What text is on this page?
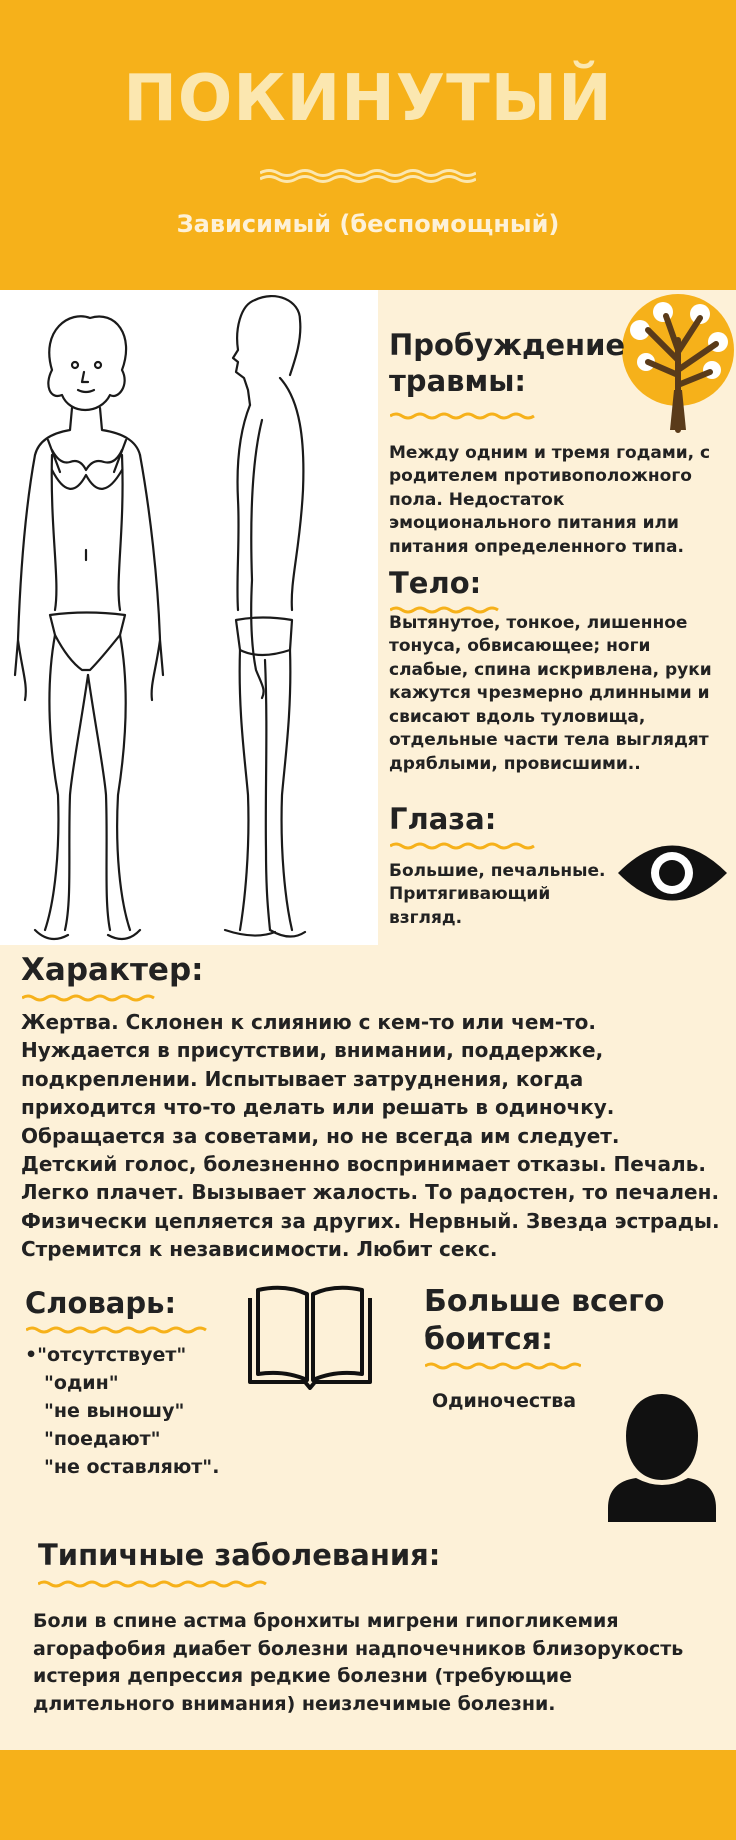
ПОКИНУТЫЙ
Зависимый (беспомощный)
Пробуждение
травмы:
Между одним и тремя годами, с родителем противоположного пола. Недостаток эмоционального питания или питания определенного типа.
Тело:
Вытянутое, тонкое, лишенное тонуса, обвисающее; ноги слабые, спина искривлена, руки кажутся чрезмерно длинными и свисают вдоль туловища, отдельные части тела выглядят дряблыми, провисшими..
Глаза:
Большие, печальные. Притягивающий взгляд.
Характер:
Жертва. Склонен к слиянию с кем-то или чем-то. Нуждается в присутствии, внимании, поддержке, подкреплении. Испытывает затруднения, когда приходится что-то делать или решать в одиночку. Обращается за советами, но не всегда им следует. Детский голос, болезненно воспринимает отказы. Печаль. Легко плачет. Вызывает жалость. То радостен, то печален. Физически цепляется за других. Нервный. Звезда эстрады. Стремится к независимости. Любит секс.
Словарь:
•"отсутствует"
"один"
"не выношу"
"поедают"
"не оставляют".
Больше всего
боится:
Одиночества
Типичные заболевания:
Боли в спине астма бронхиты мигрени гипогликемия агорафобия диабет болезни надпочечников близорукость истерия депрессия редкие болезни (требующие длительного внимания) неизлечимые болезни.
